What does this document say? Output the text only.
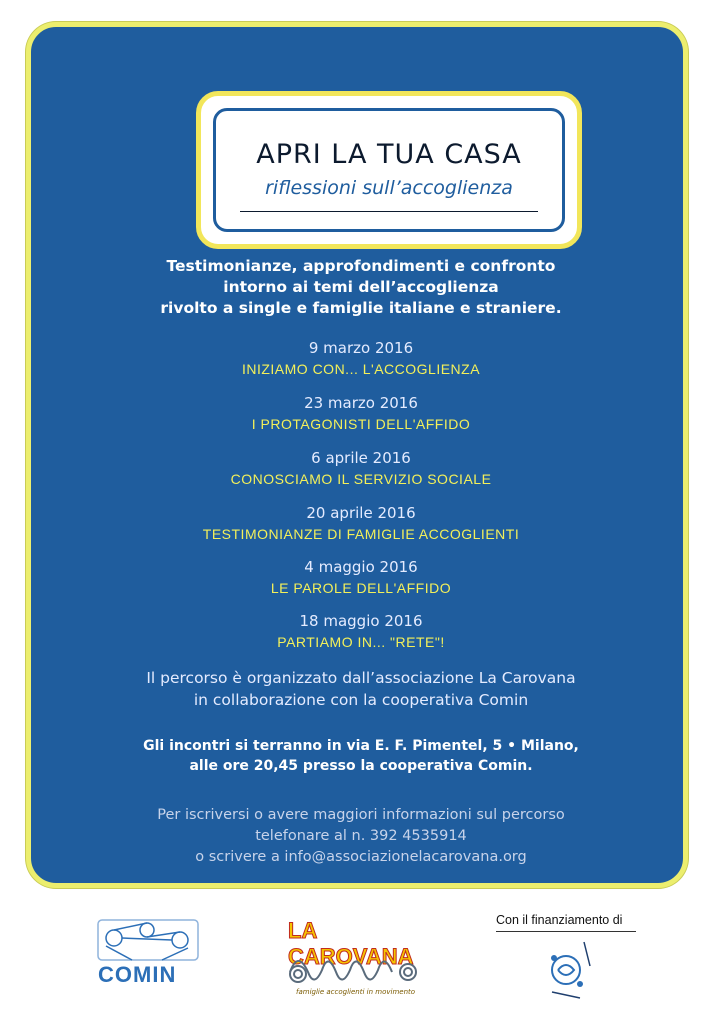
APRI LA TUA CASA
riflessioni sull’accoglienza
Testimonianze, approfondimenti e confronto
intorno ai temi dell’accoglienza
rivolto a single e famiglie italiane e straniere.
9 marzo 2016
INIZIAMO CON... L'ACCOGLIENZA
23 marzo 2016
I PROTAGONISTI DELL'AFFIDO
6 aprile 2016
CONOSCIAMO IL SERVIZIO SOCIALE
20 aprile 2016
TESTIMONIANZE DI FAMIGLIE ACCOGLIENTI
4 maggio 2016
LE PAROLE DELL'AFFIDO
18 maggio 2016
PARTIAMO IN... "RETE"!
Il percorso è organizzato dall’associazione La Carovana
in collaborazione con la cooperativa Comin
Gli incontri si terranno in via E. F. Pimentel, 5 • Milano,
alle ore 20,45 presso la cooperativa Comin.
Per iscriversi o avere maggiori informazioni sul percorso
telefonare al n. 392 4535914
o scrivere a info@associazionelacarovana.org
COMIN
LA CAROVANA
famiglie accoglienti in movimento
Con il finanziamento di
